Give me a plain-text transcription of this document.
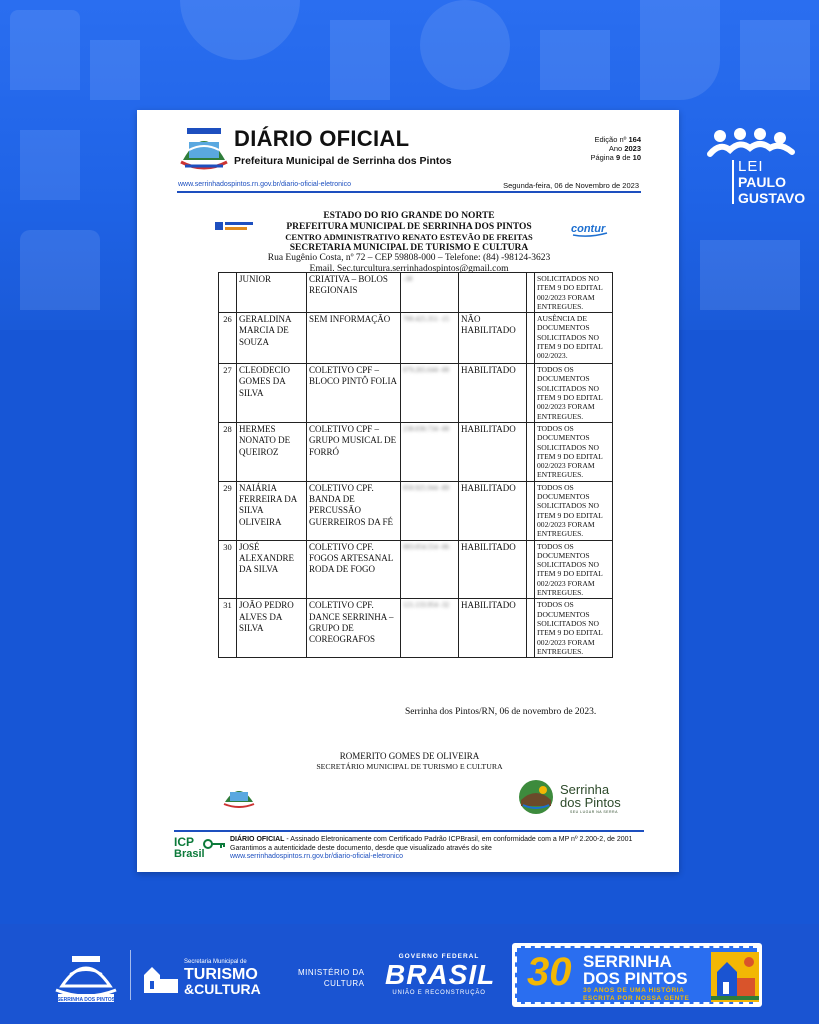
LEI
PAULO
GUSTAVO
DIÁRIO OFICIAL
Prefeitura Municipal de Serrinha dos Pintos
Edição nº 164
Ano 2023
Página 9 de 10
www.serrinhadospintos.rn.gov.br/diario-oficial-eletronico	Segunda-feira, 06 de Novembro de 2023
contur
ESTADO DO RIO GRANDE DO NORTE
PREFEITURA MUNICIPAL DE SERRINHA DOS PINTOS
CENTRO ADMINISTRATIVO RENATO ESTEVÃO DE FREITAS
SECRETARIA MUNICIPAL DE TURISMO E CULTURA
Rua Eugênio Costa, nº 72 – CEP 59808-000 – Telefone: (84) -98124-3623
Email. Sec.turcultura.serrinhadospintos@gmail.com
	JUNIOR	CRIATIVA – BOLOS REGIONAIS	-38			SOLICITADOS NO ITEM 9 DO EDITAL 002/2023 FORAM ENTREGUES.
26	GERALDINA MARCIA DE SOUZA	SEM INFORMAÇÃO	700.425.351 -15	NÃO HABILITADO		AUSÊNCIA DE DOCUMENTOS SOLICITADOS NO ITEM 9 DO EDITAL 002/2023.
27	CLEODECIO GOMES DA SILVA	COLETIVO CPF – BLOCO PINTÔ FOLIA	079.265.644 -00	HABILITADO		TODOS OS DOCUMENTOS SOLICITADOS NO ITEM 9 DO EDITAL 002/2023 FORAM ENTREGUES.
28	HERMES NONATO DE QUEIROZ	COLETIVO CPF – GRUPO MUSICAL DE FORRÓ	238.030.734 -00	HABILITADO		TODOS OS DOCUMENTOS SOLICITADOS NO ITEM 9 DO EDITAL 002/2023 FORAM ENTREGUES.
29	NAIÁRIA FERREIRA DA SILVA OLIVEIRA	COLETIVO CPF. BANDA DE PERCUSSÃO GUERREIROS DA FÉ	050.925.944 -89	HABILITADO		TODOS OS DOCUMENTOS SOLICITADOS NO ITEM 9 DO EDITAL 002/2023 FORAM ENTREGUES.
30	JOSÉ ALEXANDRE DA SILVA	COLETIVO CPF. FOGOS ARTESANAL RODA DE FOGO	083.054.554 -06	HABILITADO		TODOS OS DOCUMENTOS SOLICITADOS NO ITEM 9 DO EDITAL 002/2023 FORAM ENTREGUES.
31	JOÃO PEDRO ALVES DA SILVA	COLETIVO CPF. DANCE SERRINHA – GRUPO DE COREOGRAFOS	121.133.954 -32	HABILITADO		TODOS OS DOCUMENTOS SOLICITADOS NO ITEM 9 DO EDITAL 002/2023 FORAM ENTREGUES.
Serrinha dos Pintos/RN, 06 de novembro de 2023.
ROMERITO GOMES DE OLIVEIRA
SECRETÁRIO MUNICIPAL DE TURISMO E CULTURA
Serrinha
dos Pintos
SEU LUGAR NA SERRA
ICP
Brasil
DIÁRIO OFICIAL - Assinado Eletronicamente com Certificado Padrão ICPBrasil, em conformidade com a MP nº 2.200-2, de 2001
Garantimos a autenticidade deste documento, desde que visualizado através do site
www.serrinhadospintos.rn.gov.br/diario-oficial-eletronico
SERRINHA DOS PINTOS
Secretaria Municipal de
TURISMO
&CULTURA
MINISTÉRIO DA
CULTURA
GOVERNO FEDERAL
BRASIL
UNIÃO E RECONSTRUÇÃO 30 SERRINHA
DOS PINTOS
30 ANOS DE UMA HISTÓRIA
ESCRITA POR NOSSA GENTE
